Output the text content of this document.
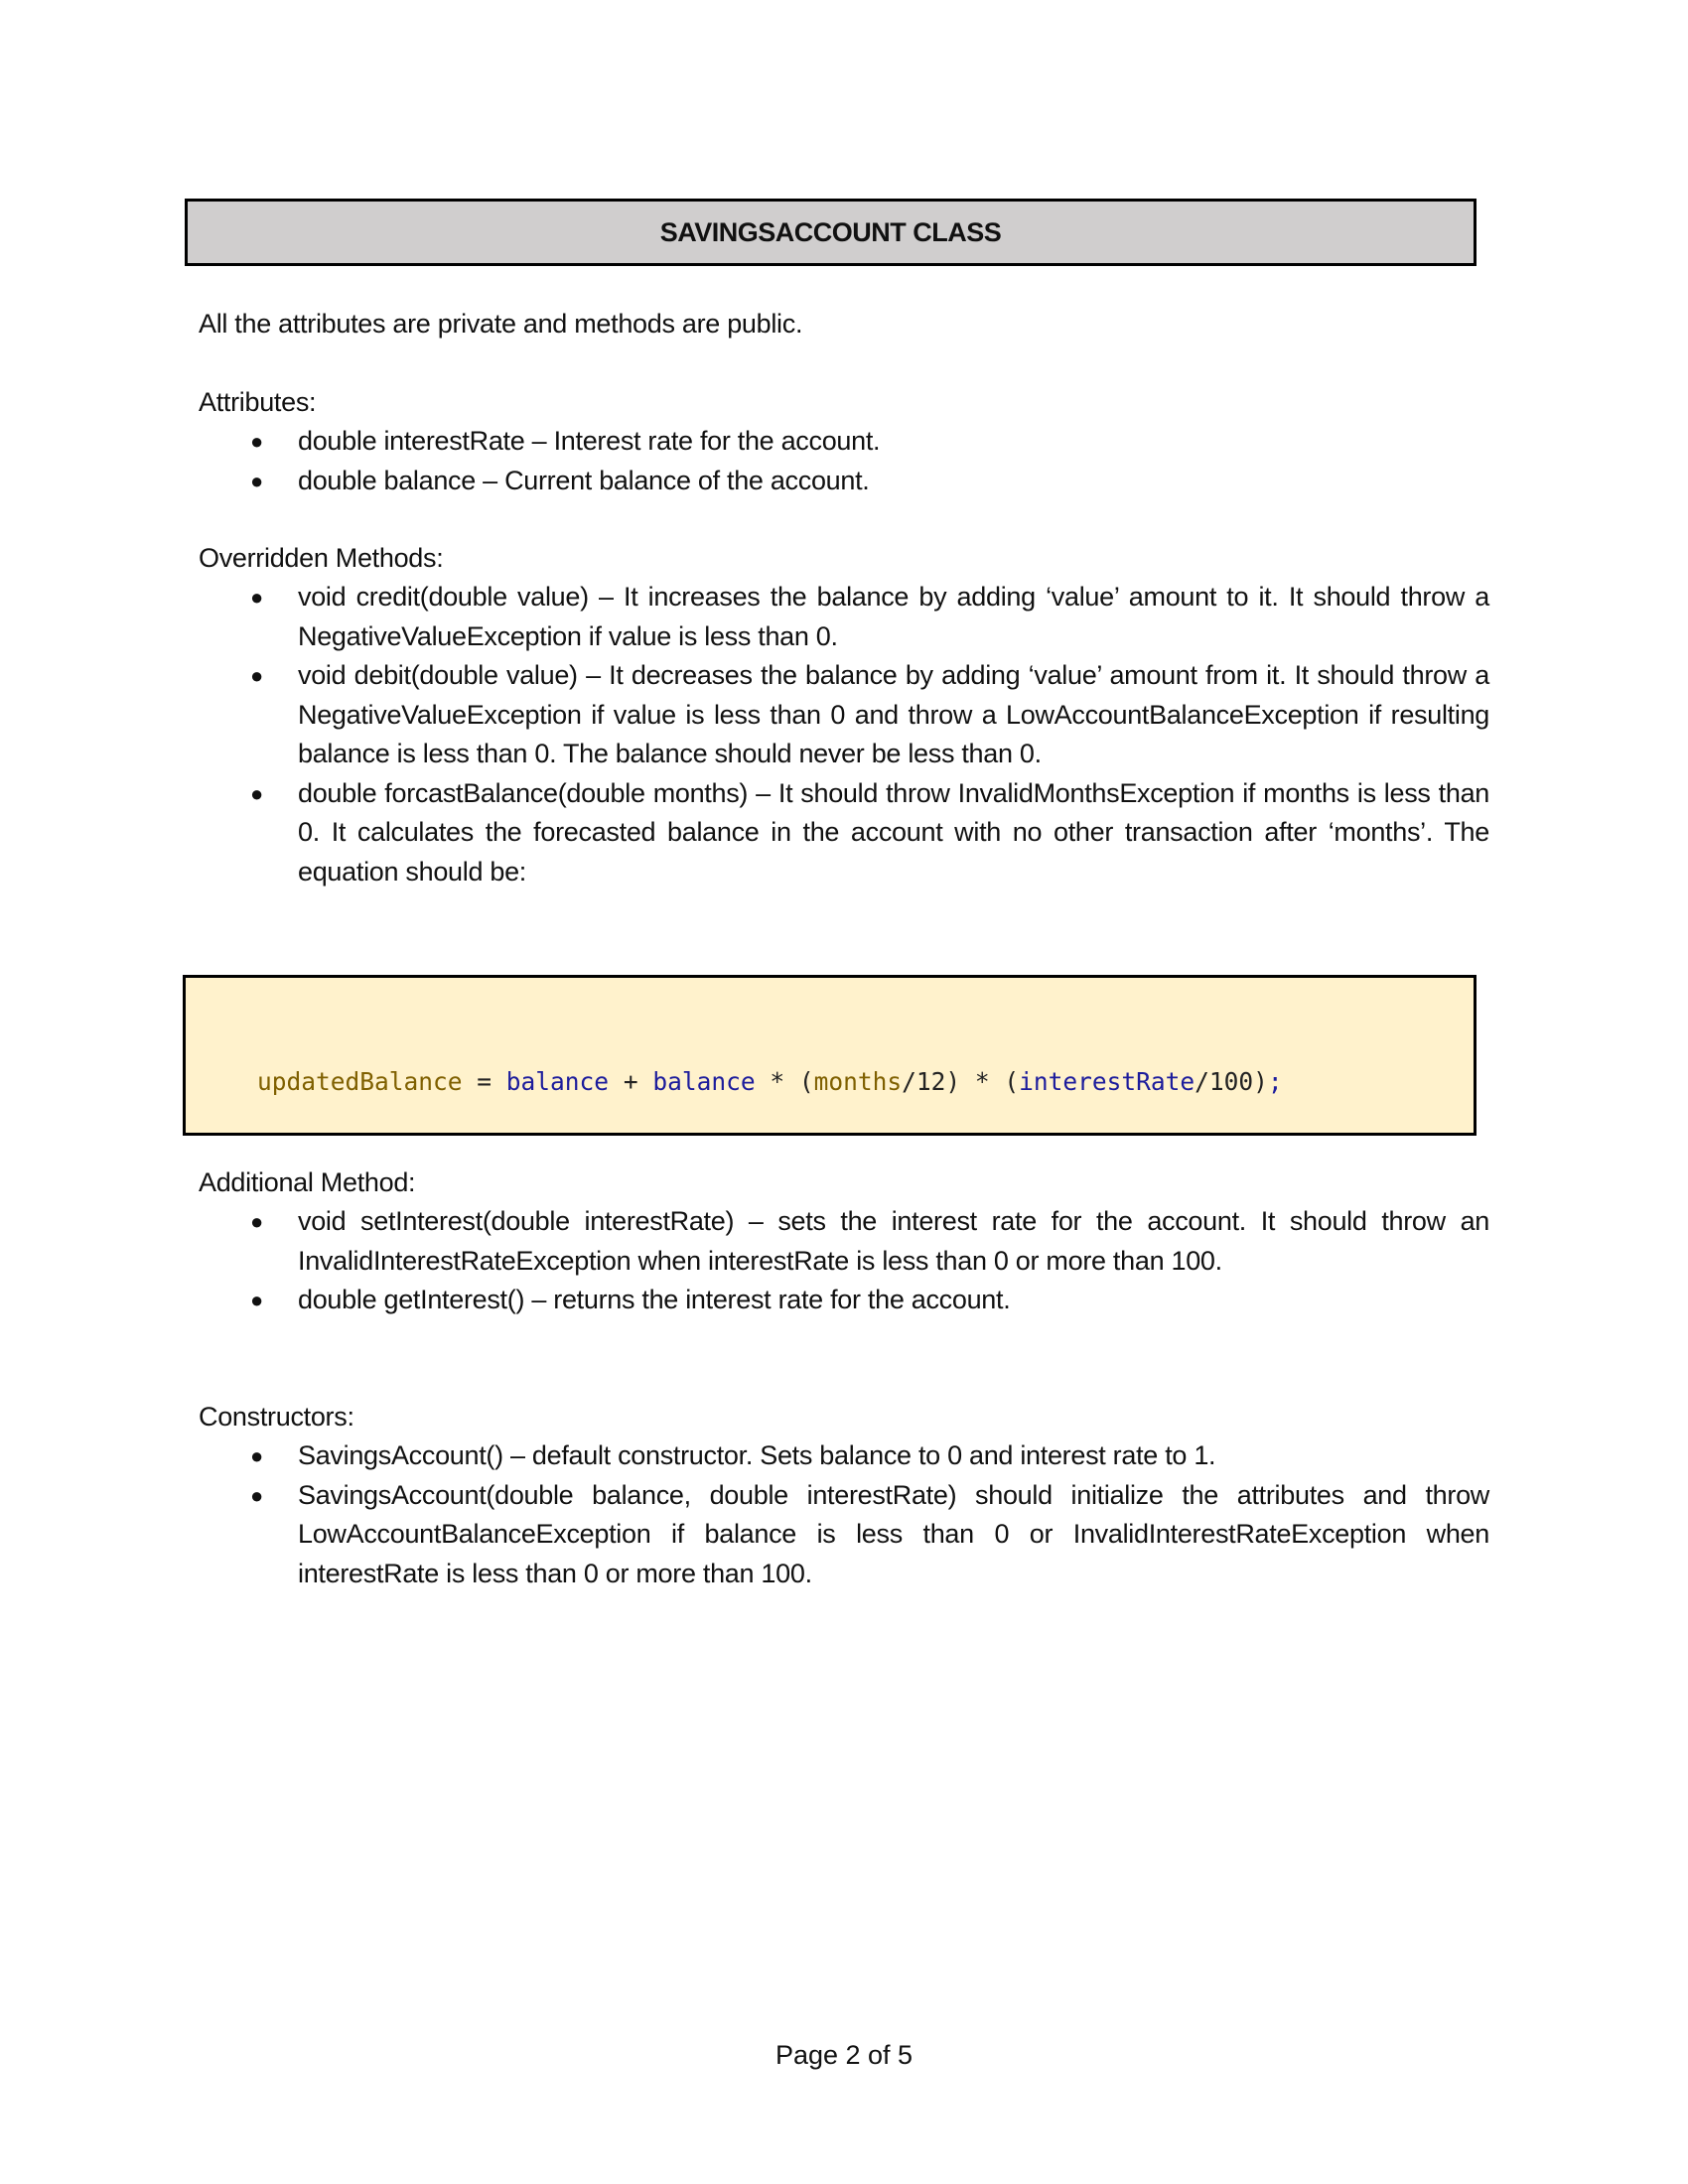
SAVINGSACCOUNT CLASS
All the attributes are private and methods are public.
Attributes:
● double interestRate – Interest rate for the account.
● double balance – Current balance of the account.
Overridden Methods:
● void credit(double value) – It increases the balance by adding ‘value’ amount to it. It should throw a NegativeValueException if value is less than 0.
● void debit(double value) – It decreases the balance by adding ‘value’ amount from it. It should throw a NegativeValueException if value is less than 0 and throw a LowAccountBalanceException if resulting balance is less than 0. The balance should never be less than 0.
● double forcastBalance(double months) – It should throw InvalidMonthsException if months is less than 0. It calculates the forecasted balance in the account with no other transaction after ‘months’. The equation should be:
Additional Method:
● void setInterest(double interestRate) – sets the interest rate for the account. It should throw an InvalidInterestRateException when interestRate is less than 0 or more than 100.
● double getInterest() – returns the interest rate for the account.
Constructors:
● SavingsAccount() – default constructor. Sets balance to 0 and interest rate to 1.
● SavingsAccount(double balance, double interestRate) should initialize the attributes and throw LowAccountBalanceException if balance is less than 0 or InvalidInterestRateException when interestRate is less than 0 or more than 100.

updatedBalance = balance + balance * (months/12) * (interestRate/100);

Page 2 of 5
